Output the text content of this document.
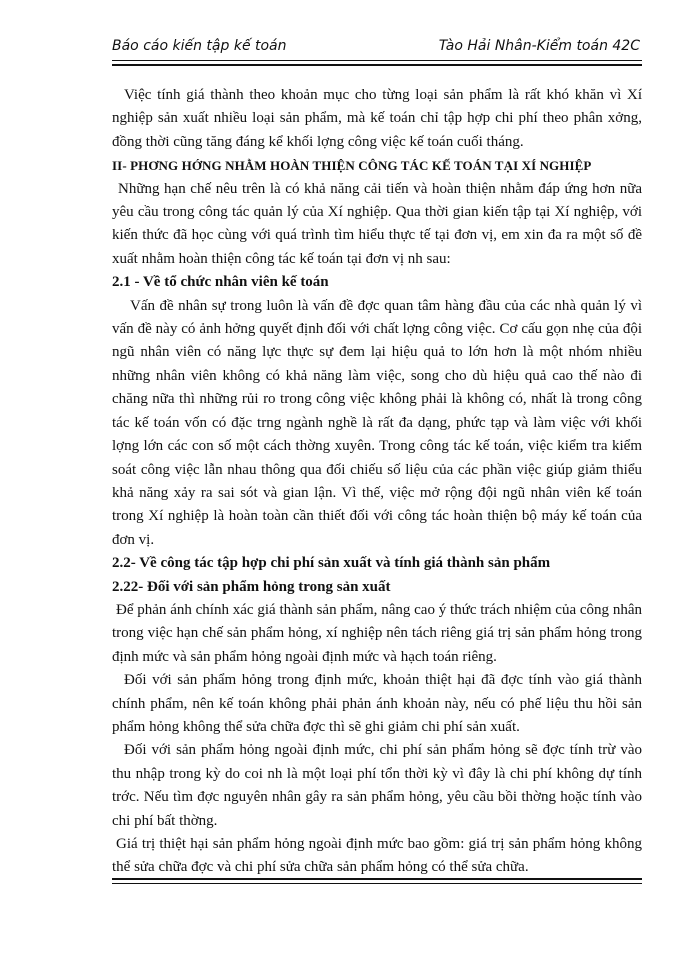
Báo cáo kiến tập kế toán	Tào Hải Nhân-Kiểm toán 42C

Việc tính giá thành theo khoản mục cho từng loại sản phẩm là rất khó khăn vì Xí nghiệp sản xuất nhiều loại sản phẩm, mà kế toán chỉ tập hợp chi phí theo phân xởng, đồng thời cũng tăng đáng kể khối lợng công việc kế toán cuối tháng.

II- PHƠNG HỚNG NHẰM HOÀN THIỆN CÔNG TÁC KẾ TOÁN TẠI XÍ NGHIỆP

Những hạn chế nêu trên là có khả năng cải tiến và hoàn thiện nhằm đáp ứng hơn nữa yêu cầu trong công tác quản lý của Xí nghiệp. Qua thời gian kiến tập tại Xí nghiệp, với kiến thức đã học cùng với quá trình tìm hiểu thực tế tại đơn vị, em xin đa ra một số đề xuất nhằm hoàn thiện công tác kế toán tại đơn vị nh sau:

2.1 - Về tổ chức nhân viên kế toán

Vấn đề nhân sự trong luôn là vấn đề đợc quan tâm hàng đầu của các nhà quản lý vì vấn đề này có ảnh hởng quyết định đối với chất lợng công việc. Cơ cấu gọn nhẹ của đội ngũ nhân viên có năng lực thực sự đem lại hiệu quả to lớn hơn là một nhóm nhiều những nhân viên không có khả năng làm việc, song cho dù hiệu quả cao thế nào đi chăng nữa thì những rủi ro trong công việc không phải là không có, nhất là trong công tác kế toán vốn có đặc trng ngành nghề là rất đa dạng, phức tạp và làm việc với khối lợng lớn các con số một cách thờng xuyên. Trong công tác kế toán, việc kiểm tra kiểm soát công việc lẫn nhau thông qua đối chiếu số liệu của các phần việc giúp giảm thiểu khả năng xảy ra sai sót và gian lận. Vì thế, việc mở rộng đội ngũ nhân viên kế toán trong Xí nghiệp là hoàn toàn cần thiết đối với công tác hoàn thiện bộ máy kế toán của đơn vị.

2.2- Về công tác tập hợp chi phí sản xuất và tính giá thành sản phẩm

2.22- Đối với sản phẩm hỏng trong sản xuất

Để phản ánh chính xác giá thành sản phẩm, nâng cao ý thức trách nhiệm của công nhân trong việc hạn chế sản phẩm hỏng, xí nghiệp nên tách riêng giá trị sản phẩm hỏng trong định mức và sản phẩm hỏng ngoài định mức và hạch toán riêng.

Đối với sản phẩm hỏng trong định mức, khoản thiệt hại đã đợc tính vào giá thành chính phẩm, nên kế toán không phải phản ánh khoản này, nếu có phế liệu thu hồi sản phẩm hỏng không thể sửa chữa đợc thì sẽ ghi giảm chi phí sản xuất.

Đối với sản phẩm hỏng ngoài định mức, chi phí sản phẩm hỏng sẽ đợc tính trừ vào thu nhập trong kỳ do coi nh là một loại phí tổn thời kỳ vì đây là chi phí không dự tính trớc. Nếu tìm đợc nguyên nhân gây ra sản phẩm hỏng, yêu cầu bồi thờng hoặc tính vào chi phí bất thờng.

Giá trị thiệt hại sản phẩm hỏng ngoài định mức bao gồm: giá trị sản phẩm hỏng không thể sửa chữa đợc và chi phí sửa chữa sản phẩm hỏng có thể sửa chữa.
